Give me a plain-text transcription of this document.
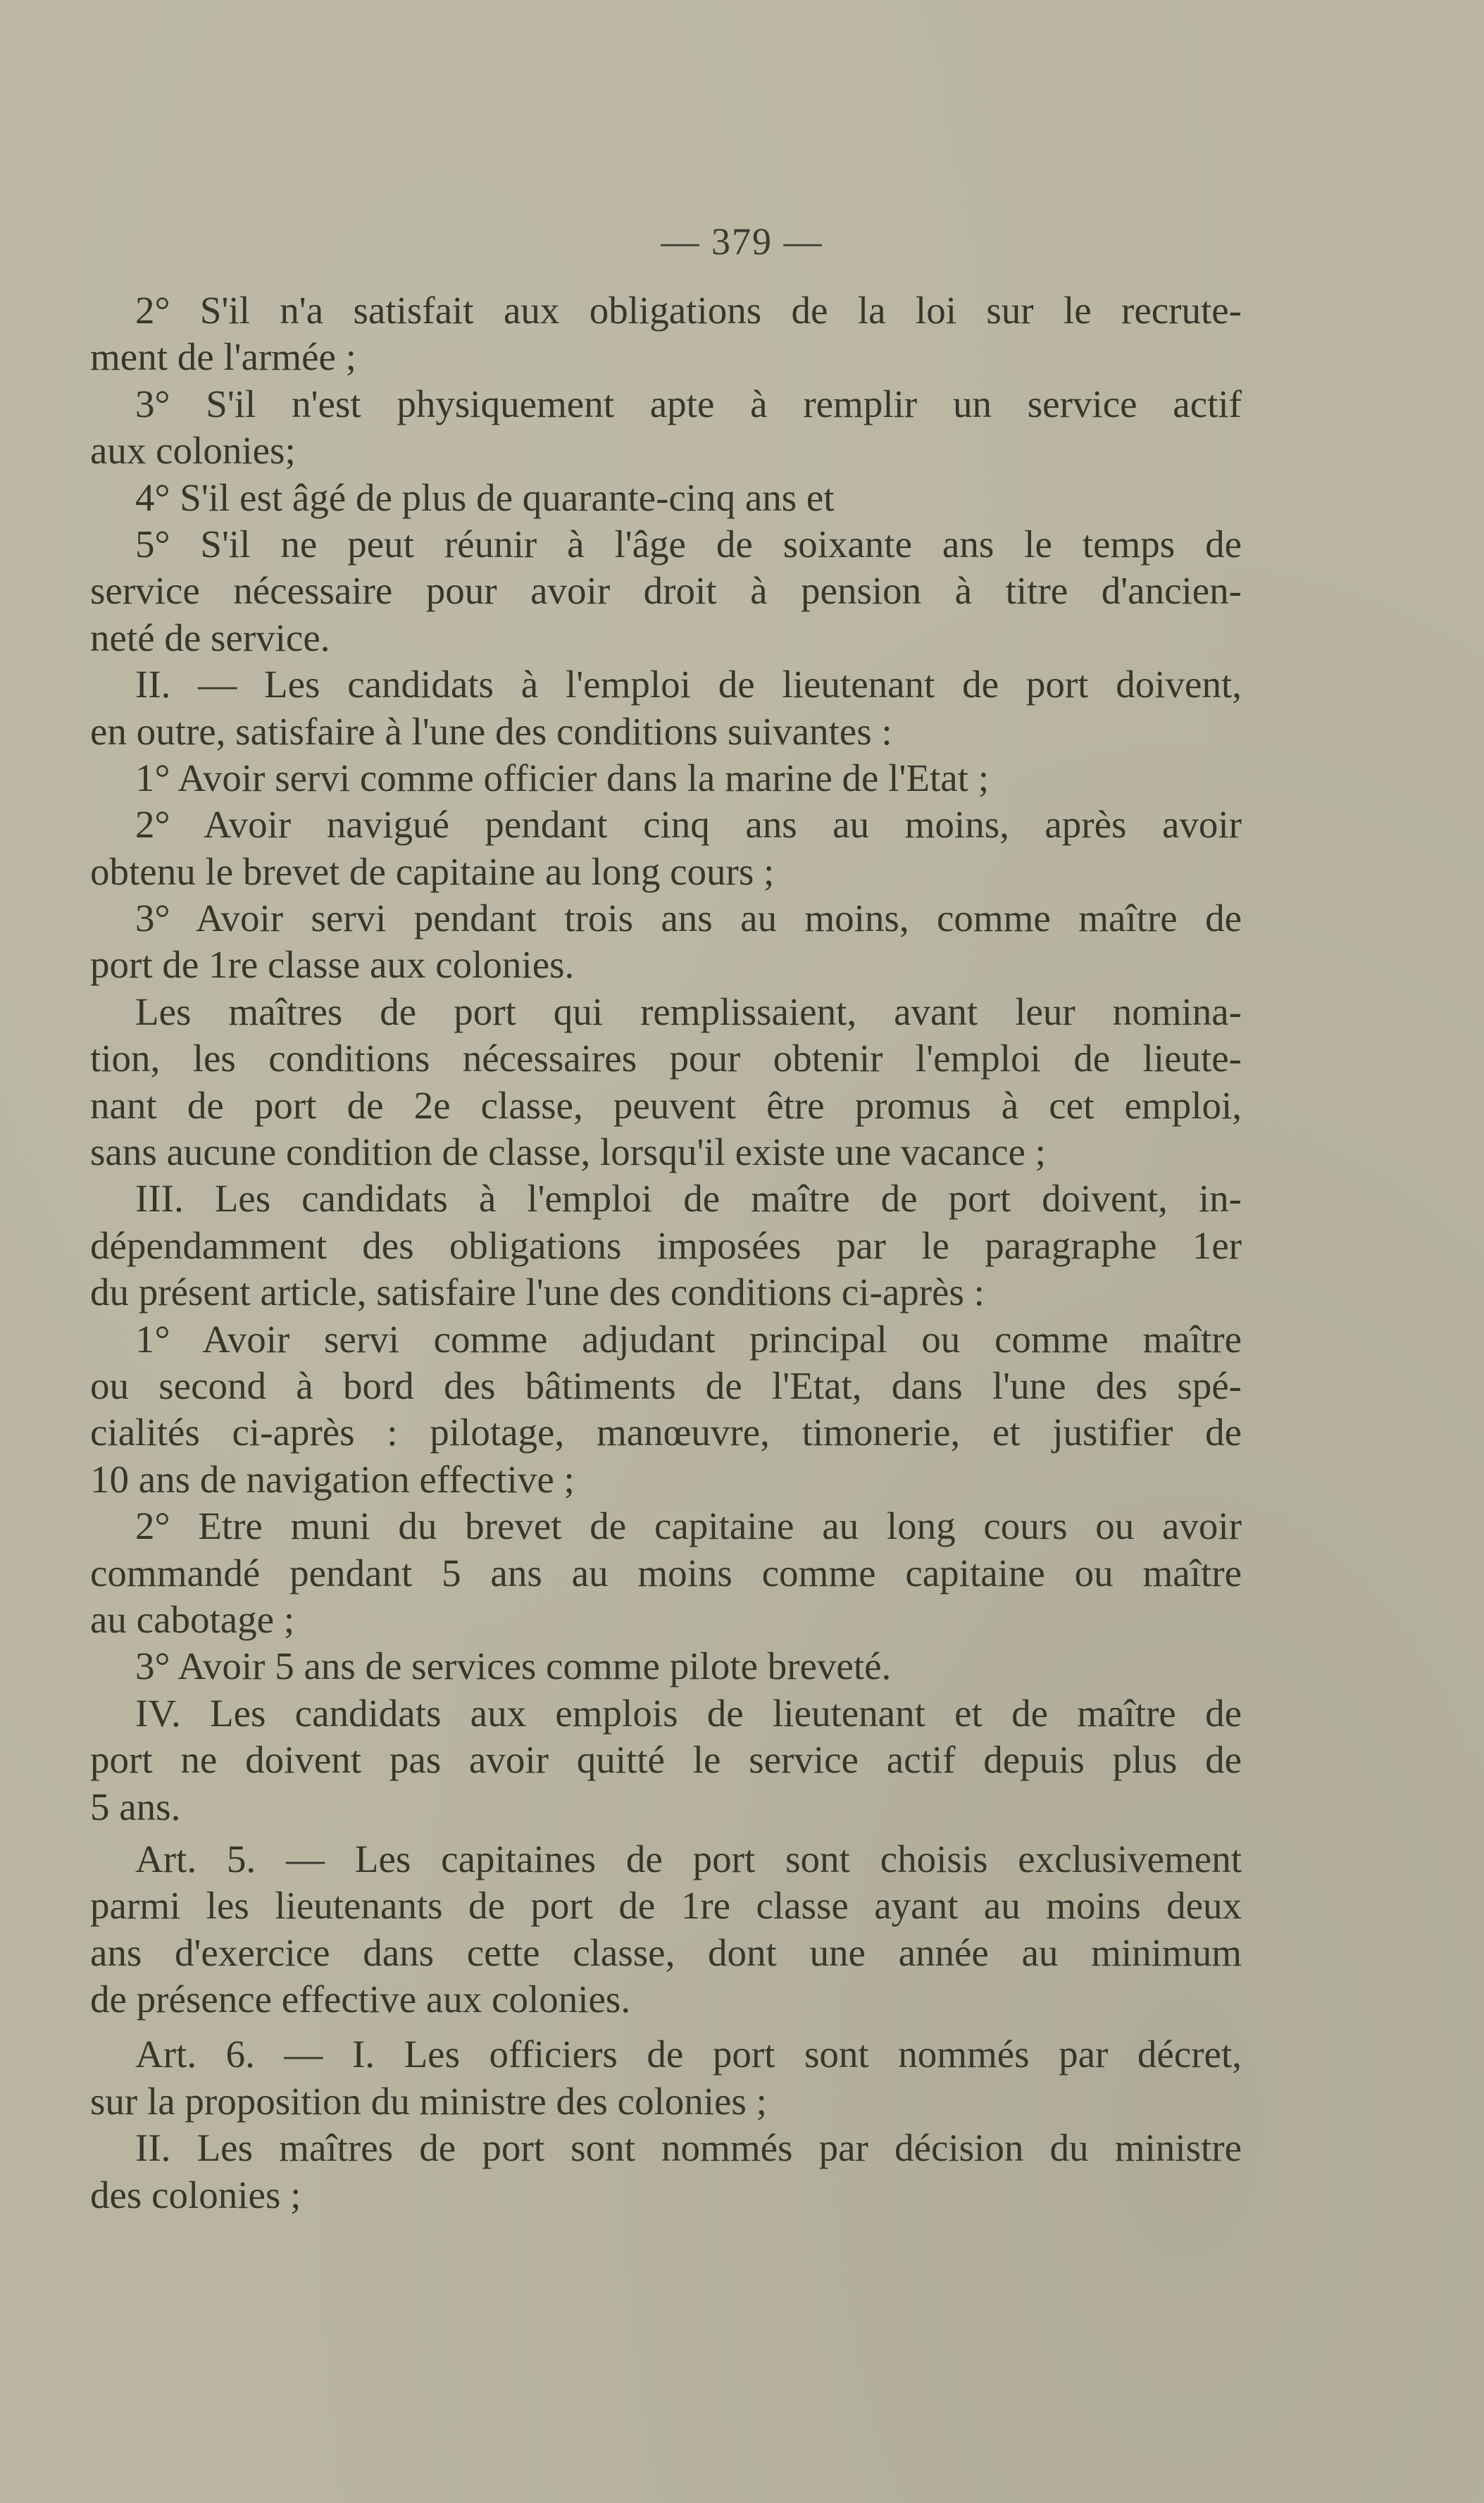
— 379 —
2° S'il n'a satisfait aux obligations de la loi sur le recrute-
ment de l'armée ;
3° S'il n'est physiquement apte à remplir un service actif
aux colonies;
4° S'il est âgé de plus de quarante-cinq ans et
5° S'il ne peut réunir à l'âge de soixante ans le temps de
service nécessaire pour avoir droit à pension à titre d'ancien-
neté de service.
II. — Les candidats à l'emploi de lieutenant de port doivent,
en outre, satisfaire à l'une des conditions suivantes :
1° Avoir servi comme officier dans la marine de l'Etat ;
2° Avoir navigué pendant cinq ans au moins, après avoir
obtenu le brevet de capitaine au long cours ;
3° Avoir servi pendant trois ans au moins, comme maître de
port de 1re classe aux colonies.
Les maîtres de port qui remplissaient, avant leur nomina-
tion, les conditions nécessaires pour obtenir l'emploi de lieute-
nant de port de 2e classe, peuvent être promus à cet emploi,
sans aucune condition de classe, lorsqu'il existe une vacance ;
III. Les candidats à l'emploi de maître de port doivent, in-
dépendamment des obligations imposées par le paragraphe 1er
du présent article, satisfaire l'une des conditions ci-après :
1° Avoir servi comme adjudant principal ou comme maître
ou second à bord des bâtiments de l'Etat, dans l'une des spé-
cialités ci-après : pilotage, manœuvre, timonerie, et justifier de
10 ans de navigation effective ;
2° Etre muni du brevet de capitaine au long cours ou avoir
commandé pendant 5 ans au moins comme capitaine ou maître
au cabotage ;
3° Avoir 5 ans de services comme pilote breveté.
IV. Les candidats aux emplois de lieutenant et de maître de
port ne doivent pas avoir quitté le service actif depuis plus de
5 ans.
Art. 5. — Les capitaines de port sont choisis exclusivement
parmi les lieutenants de port de 1re classe ayant au moins deux
ans d'exercice dans cette classe, dont une année au minimum
de présence effective aux colonies.
Art. 6. — I. Les officiers de port sont nommés par décret,
sur la proposition du ministre des colonies ;
II. Les maîtres de port sont nommés par décision du ministre
des colonies ;
